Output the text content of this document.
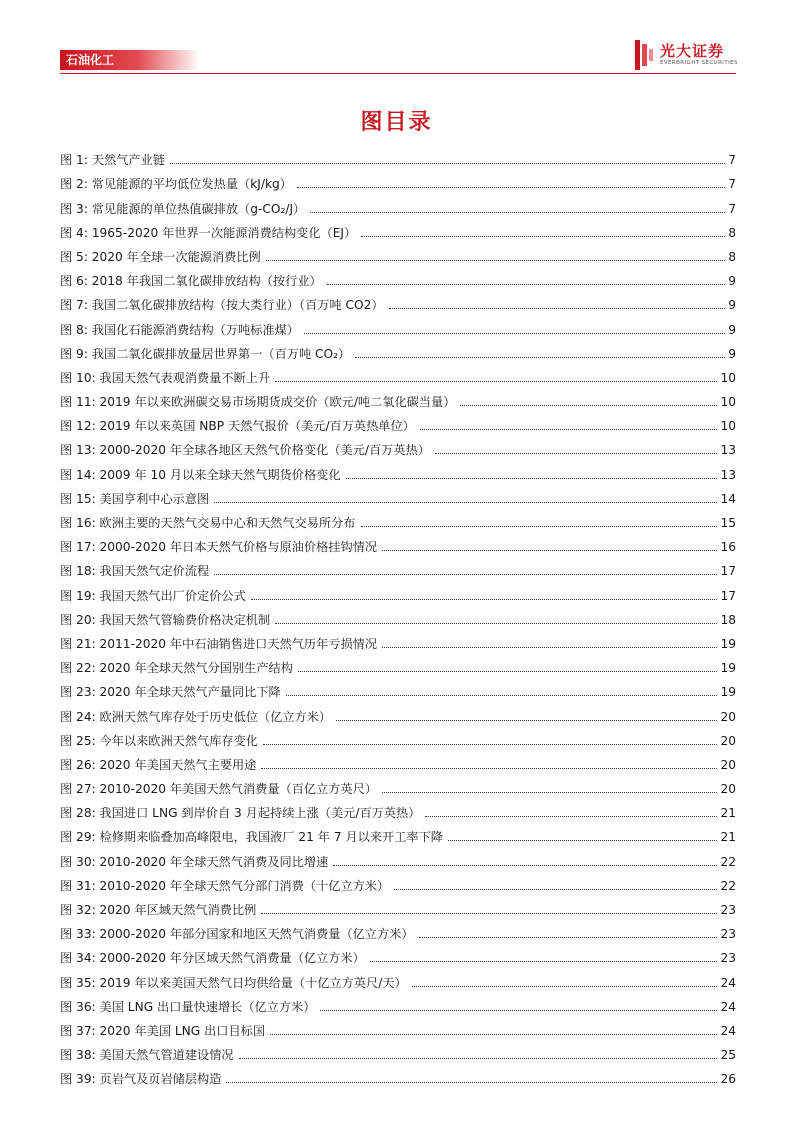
石油化工	光大证券
EVERBRIGHT SECURITIES
图目录
图 1: 天然气产业链	7
图 2: 常见能源的平均低位发热量（kJ/kg）	7
图 3: 常见能源的单位热值碳排放（g-CO₂/J）	7
图 4: 1965-2020 年世界一次能源消费结构变化（EJ）	8
图 5: 2020 年全球一次能源消费比例	8
图 6: 2018 年我国二氧化碳排放结构（按行业）	9
图 7: 我国二氧化碳排放结构（按大类行业）（百万吨 CO2）	9
图 8: 我国化石能源消费结构（万吨标准煤）	9
图 9: 我国二氧化碳排放量居世界第一（百万吨 CO₂）	9
图 10: 我国天然气表观消费量不断上升	10
图 11: 2019 年以来欧洲碳交易市场期货成交价（欧元/吨二氧化碳当量）	10
图 12: 2019 年以来英国 NBP 天然气报价（美元/百万英热单位）	10
图 13: 2000-2020 年全球各地区天然气价格变化（美元/百万英热）	13
图 14: 2009 年 10 月以来全球天然气期货价格变化	13
图 15: 美国亨利中心示意图	14
图 16: 欧洲主要的天然气交易中心和天然气交易所分布	15
图 17: 2000-2020 年日本天然气价格与原油价格挂钩情况	16
图 18: 我国天然气定价流程	17
图 19: 我国天然气出厂价定价公式	17
图 20: 我国天然气管输费价格决定机制	18
图 21: 2011-2020 年中石油销售进口天然气历年亏损情况	19
图 22: 2020 年全球天然气分国别生产结构	19
图 23: 2020 年全球天然气产量同比下降	19
图 24: 欧洲天然气库存处于历史低位（亿立方米）	20
图 25: 今年以来欧洲天然气库存变化	20
图 26: 2020 年美国天然气主要用途	20
图 27: 2010-2020 年美国天然气消费量（百亿立方英尺）	20
图 28: 我国进口 LNG 到岸价自 3 月起持续上涨（美元/百万英热）	21
图 29: 检修期来临叠加高峰限电，我国液厂 21 年 7 月以来开工率下降	21
图 30: 2010-2020 年全球天然气消费及同比增速	22
图 31: 2010-2020 年全球天然气分部门消费（十亿立方米）	22
图 32: 2020 年区域天然气消费比例	23
图 33: 2000-2020 年部分国家和地区天然气消费量（亿立方米）	23
图 34: 2000-2020 年分区域天然气消费量（亿立方米）	23
图 35: 2019 年以来美国天然气日均供给量（十亿立方英尺/天）	24
图 36: 美国 LNG 出口量快速增长（亿立方米）	24
图 37: 2020 年美国 LNG 出口目标国	24
图 38: 美国天然气管道建设情况	25
图 39: 页岩气及页岩储层构造	26
